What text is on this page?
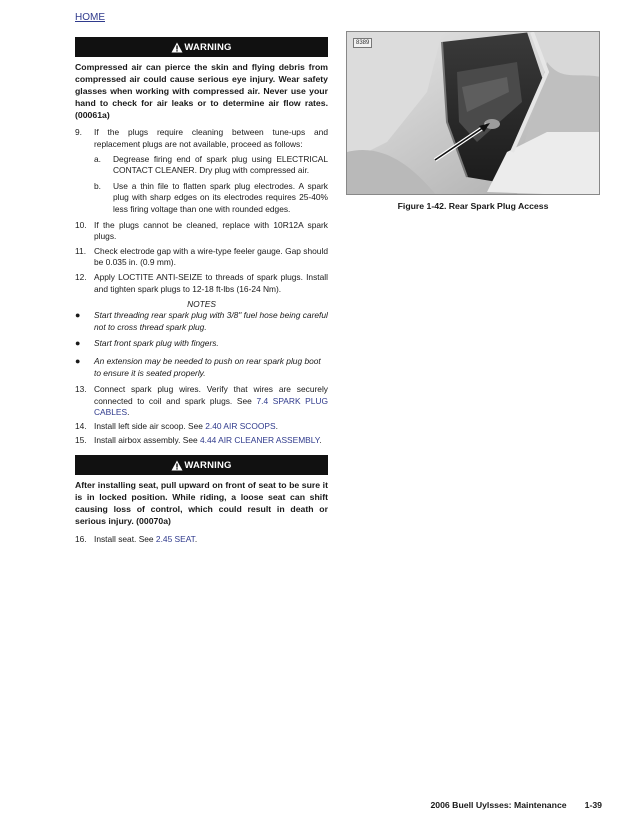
HOME
WARNING
Compressed air can pierce the skin and flying debris from compressed air could cause serious eye injury. Wear safety glasses when working with compressed air. Never use your hand to check for air leaks or to determine air flow rates. (00061a)
9.	If the plugs require cleaning between tune-ups and replacement plugs are not available, proceed as follows:
a.	Degrease firing end of spark plug using ELECTRICAL CONTACT CLEANER. Dry plug with compressed air.
b.	Use a thin file to flatten spark plug electrodes. A spark plug with sharp edges on its electrodes requires 25-40% less firing voltage than one with rounded edges.
10. If the plugs cannot be cleaned, replace with 10R12A spark plugs.
11. Check electrode gap with a wire-type feeler gauge. Gap should be 0.035 in. (0.9 mm).
12. Apply LOCTITE ANTI-SEIZE to threads of spark plugs. Install and tighten spark plugs to 12-18 ft-lbs (16-24 Nm).
NOTES
●	Start threading rear spark plug with 3/8" fuel hose being careful not to cross thread spark plug.
●	Start front spark plug with fingers.
●	An extension may be needed to push on rear spark plug boot to ensure it is seated properly.
13. Connect spark plug wires. Verify that wires are securely connected to coil and spark plugs. See 7.4 SPARK PLUG CABLES.
14. Install left side air scoop. See 2.40 AIR SCOOPS.
15. Install airbox assembly. See 4.44 AIR CLEANER ASSEMBLY.
WARNING
After installing seat, pull upward on front of seat to be sure it is in locked position. While riding, a loose seat can shift causing loss of control, which could result in death or serious injury. (00070a)
16. Install seat. See 2.45 SEAT.
8389
Figure 1-42. Rear Spark Plug Access
2006 Buell Uylsses: Maintenance 1-39
